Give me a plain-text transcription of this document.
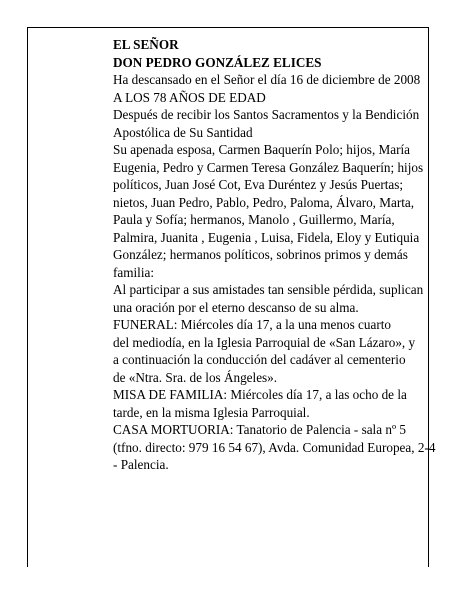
EL SEÑOR

DON PEDRO GONZÁLEZ ELICES

Ha descansado en el Señor el día 16 de diciembre de 2008

A LOS 78 AÑOS DE EDAD

Después de recibir los Santos Sacramentos y la Bendición Apostólica de Su Santidad

Su apenada esposa, Carmen Baquerín Polo; hijos, María Eugenia, Pedro y Carmen Teresa González Baquerín; hijos políticos, Juan José Cot, Eva Duréntez y Jesús Puertas; nietos, Juan Pedro, Pablo, Pedro, Paloma, Álvaro, Marta, Paula y Sofía; hermanos, Manolo , Guillermo, María, Palmira, Juanita , Eugenia , Luisa, Fidela, Eloy y Eutiquia González; hermanos políticos, sobrinos primos y demás familia:

Al participar a sus amistades tan sensible pérdida, suplican una oración por el eterno descanso de su alma.

FUNERAL: Miércoles día 17, a la una menos cuarto
del mediodía, en la Iglesia Parroquial de «San Lázaro», y
a continuación la conducción del cadáver al cementerio
de «Ntra. Sra. de los Ángeles».

MISA DE FAMILIA: Miércoles día 17, a las ocho de la tarde, en la misma Iglesia Parroquial.

CASA MORTUORIA: Tanatorio de Palencia - sala nº 5 (tfno. directo: 979 16 54 67), Avda. Comunidad Europea, 2-4 - Palencia.
